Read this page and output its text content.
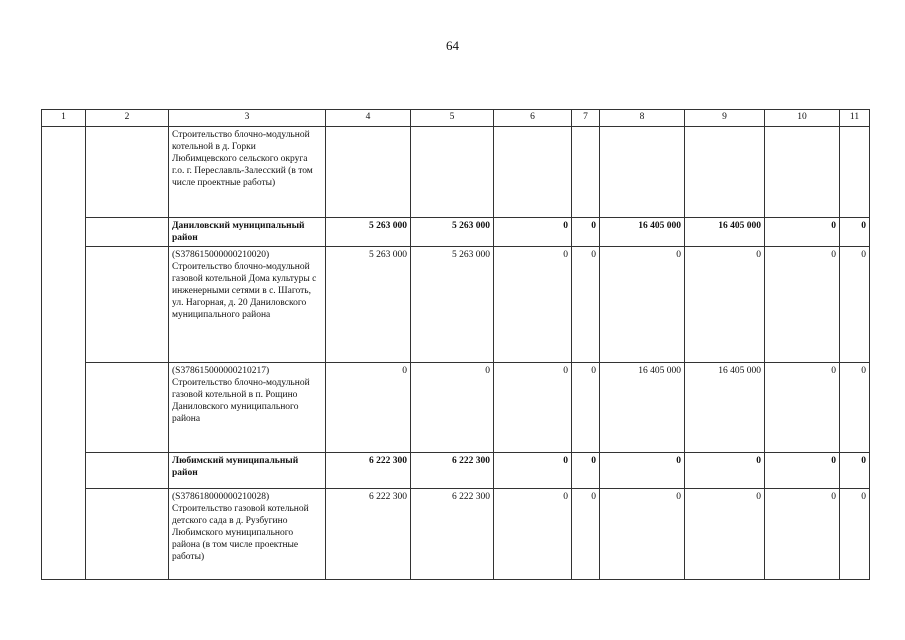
64
1	2	3	4	5	6	7	8	9	10	11
		Строительство блочно-модульной котельной в д. Горки Любимцевского сельского округа г.о. г. Переславль-Залесский (в том числе проектные работы)								
		Даниловский муниципальный район	5 263 000	5 263 000	0	0	16 405 000	16 405 000	0	0
		(S378615000000210020) Строительство блочно-модульной газовой котельной Дома культуры с инженерными сетями в с. Шаготь, ул. Нагорная, д. 20 Даниловского муниципального района	5 263 000	5 263 000	0	0	0	0	0	0
		(S378615000000210217) Строительство блочно-модульной газовой котельной в п. Рощино Даниловского муниципального района	0	0	0	0	16 405 000	16 405 000	0	0
		Любимский муниципальный район	6 222 300	6 222 300	0	0	0	0	0	0
		(S378618000000210028) Строительство газовой котельной детского сада в д. Рузбугино Любимского муниципального района (в том числе проектные работы)	6 222 300	6 222 300	0	0	0	0	0	0
